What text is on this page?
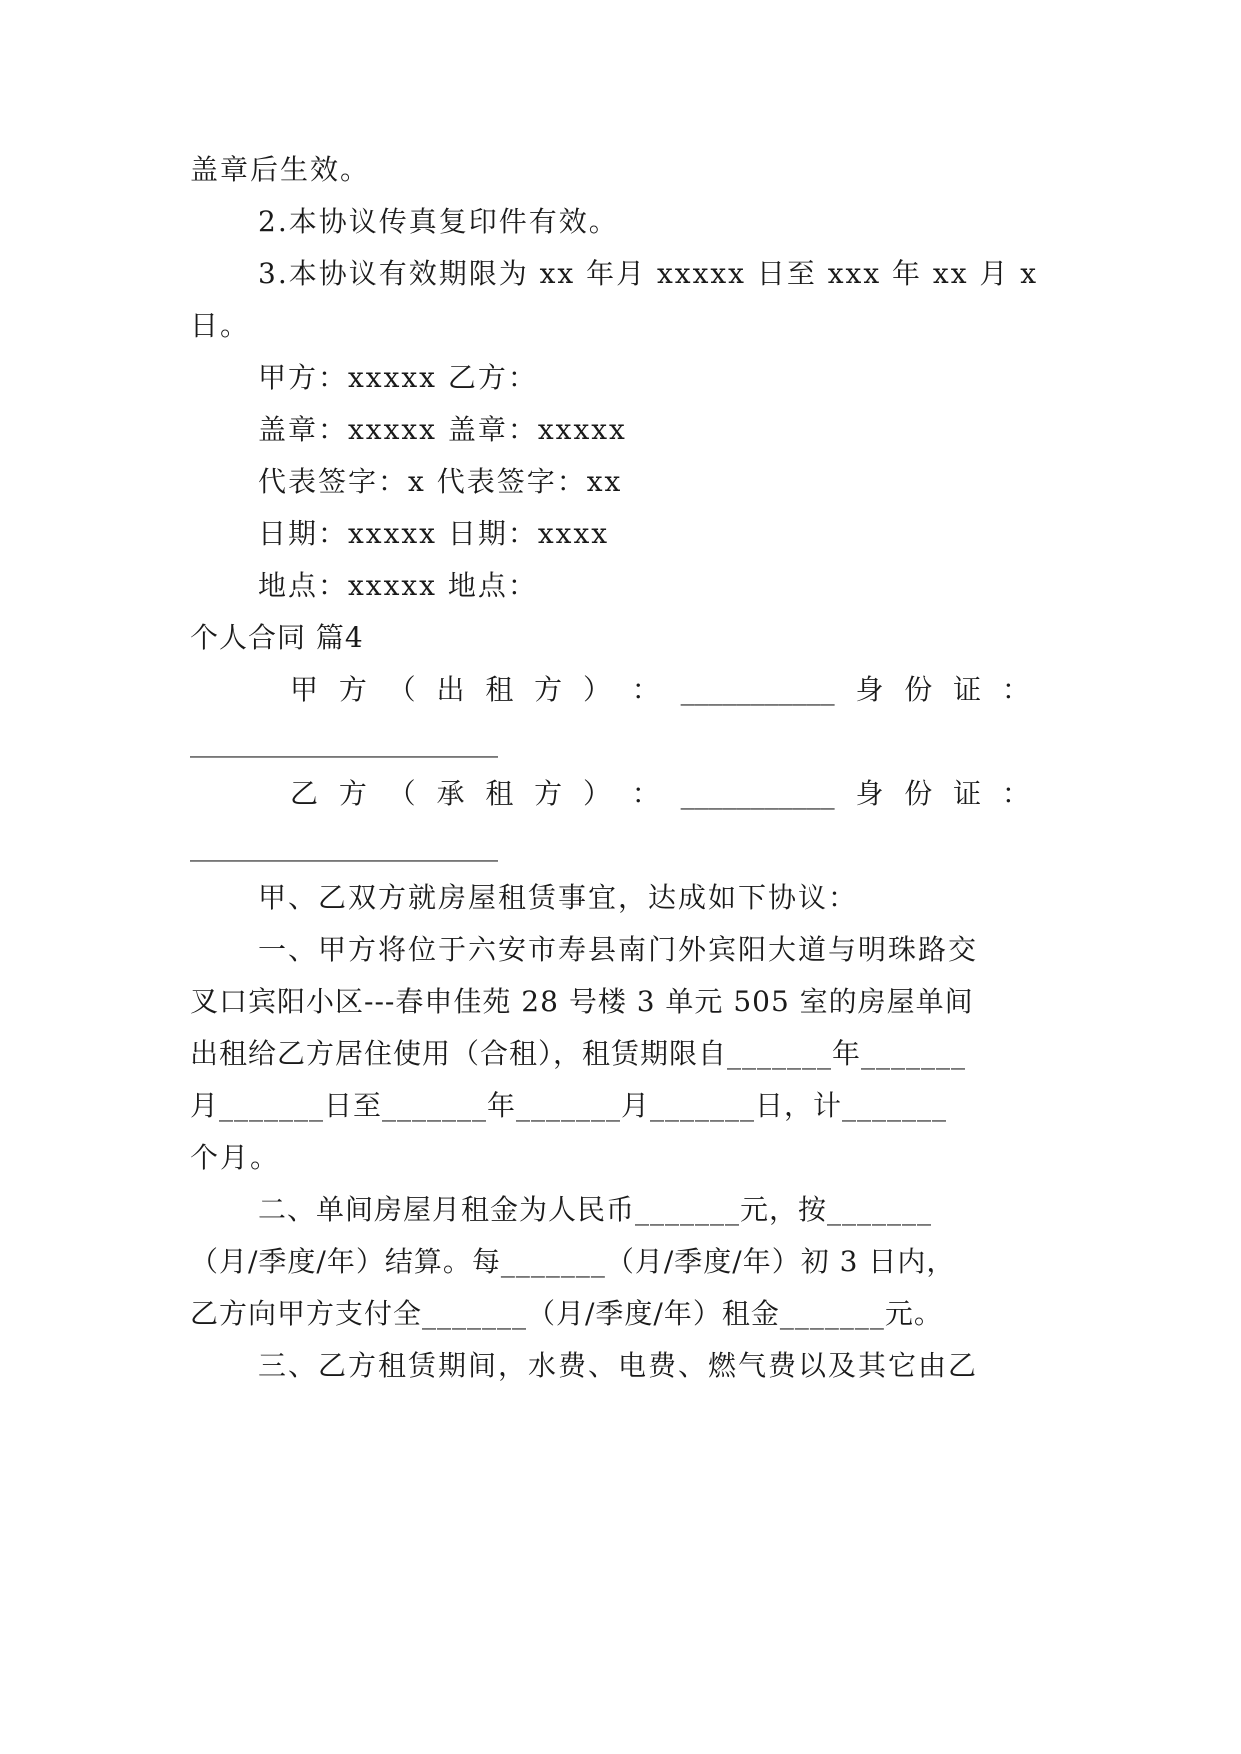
盖章后生效。
2.本协议传真复印件有效。
3.本协议有效期限为 xx 年月 xxxxx 日至 xxx 年 xx 月 x
日。
甲方：xxxxx 乙方：
盖章：xxxxx 盖章：xxxxx
代表签字：x 代表签字：xx
日期：xxxxx 日期：xxxx
地点：xxxxx 地点：
个人合同 篇4
甲 方 （ 出 租 方 ） ： ___________ 身 份 证 ：
______________________
乙 方 （ 承 租 方 ） ： ___________ 身 份 证 ：
______________________
甲、乙双方就房屋租赁事宜，达成如下协议：
一、甲方将位于六安市寿县南门外宾阳大道与明珠路交
叉口宾阳小区---春申佳苑 28 号楼 3 单元 505 室的房屋单间
出租给乙方居住使用（合租），租赁期限自_______年_______
月_______日至_______年_______月_______日，计_______
个月。
二、单间房屋月租金为人民币_______元，按_______
（月/季度/年）结算。每_______（月/季度/年）初 3 日内，
乙方向甲方支付全_______（月/季度/年）租金_______元。
三、乙方租赁期间，水费、电费、燃气费以及其它由乙
